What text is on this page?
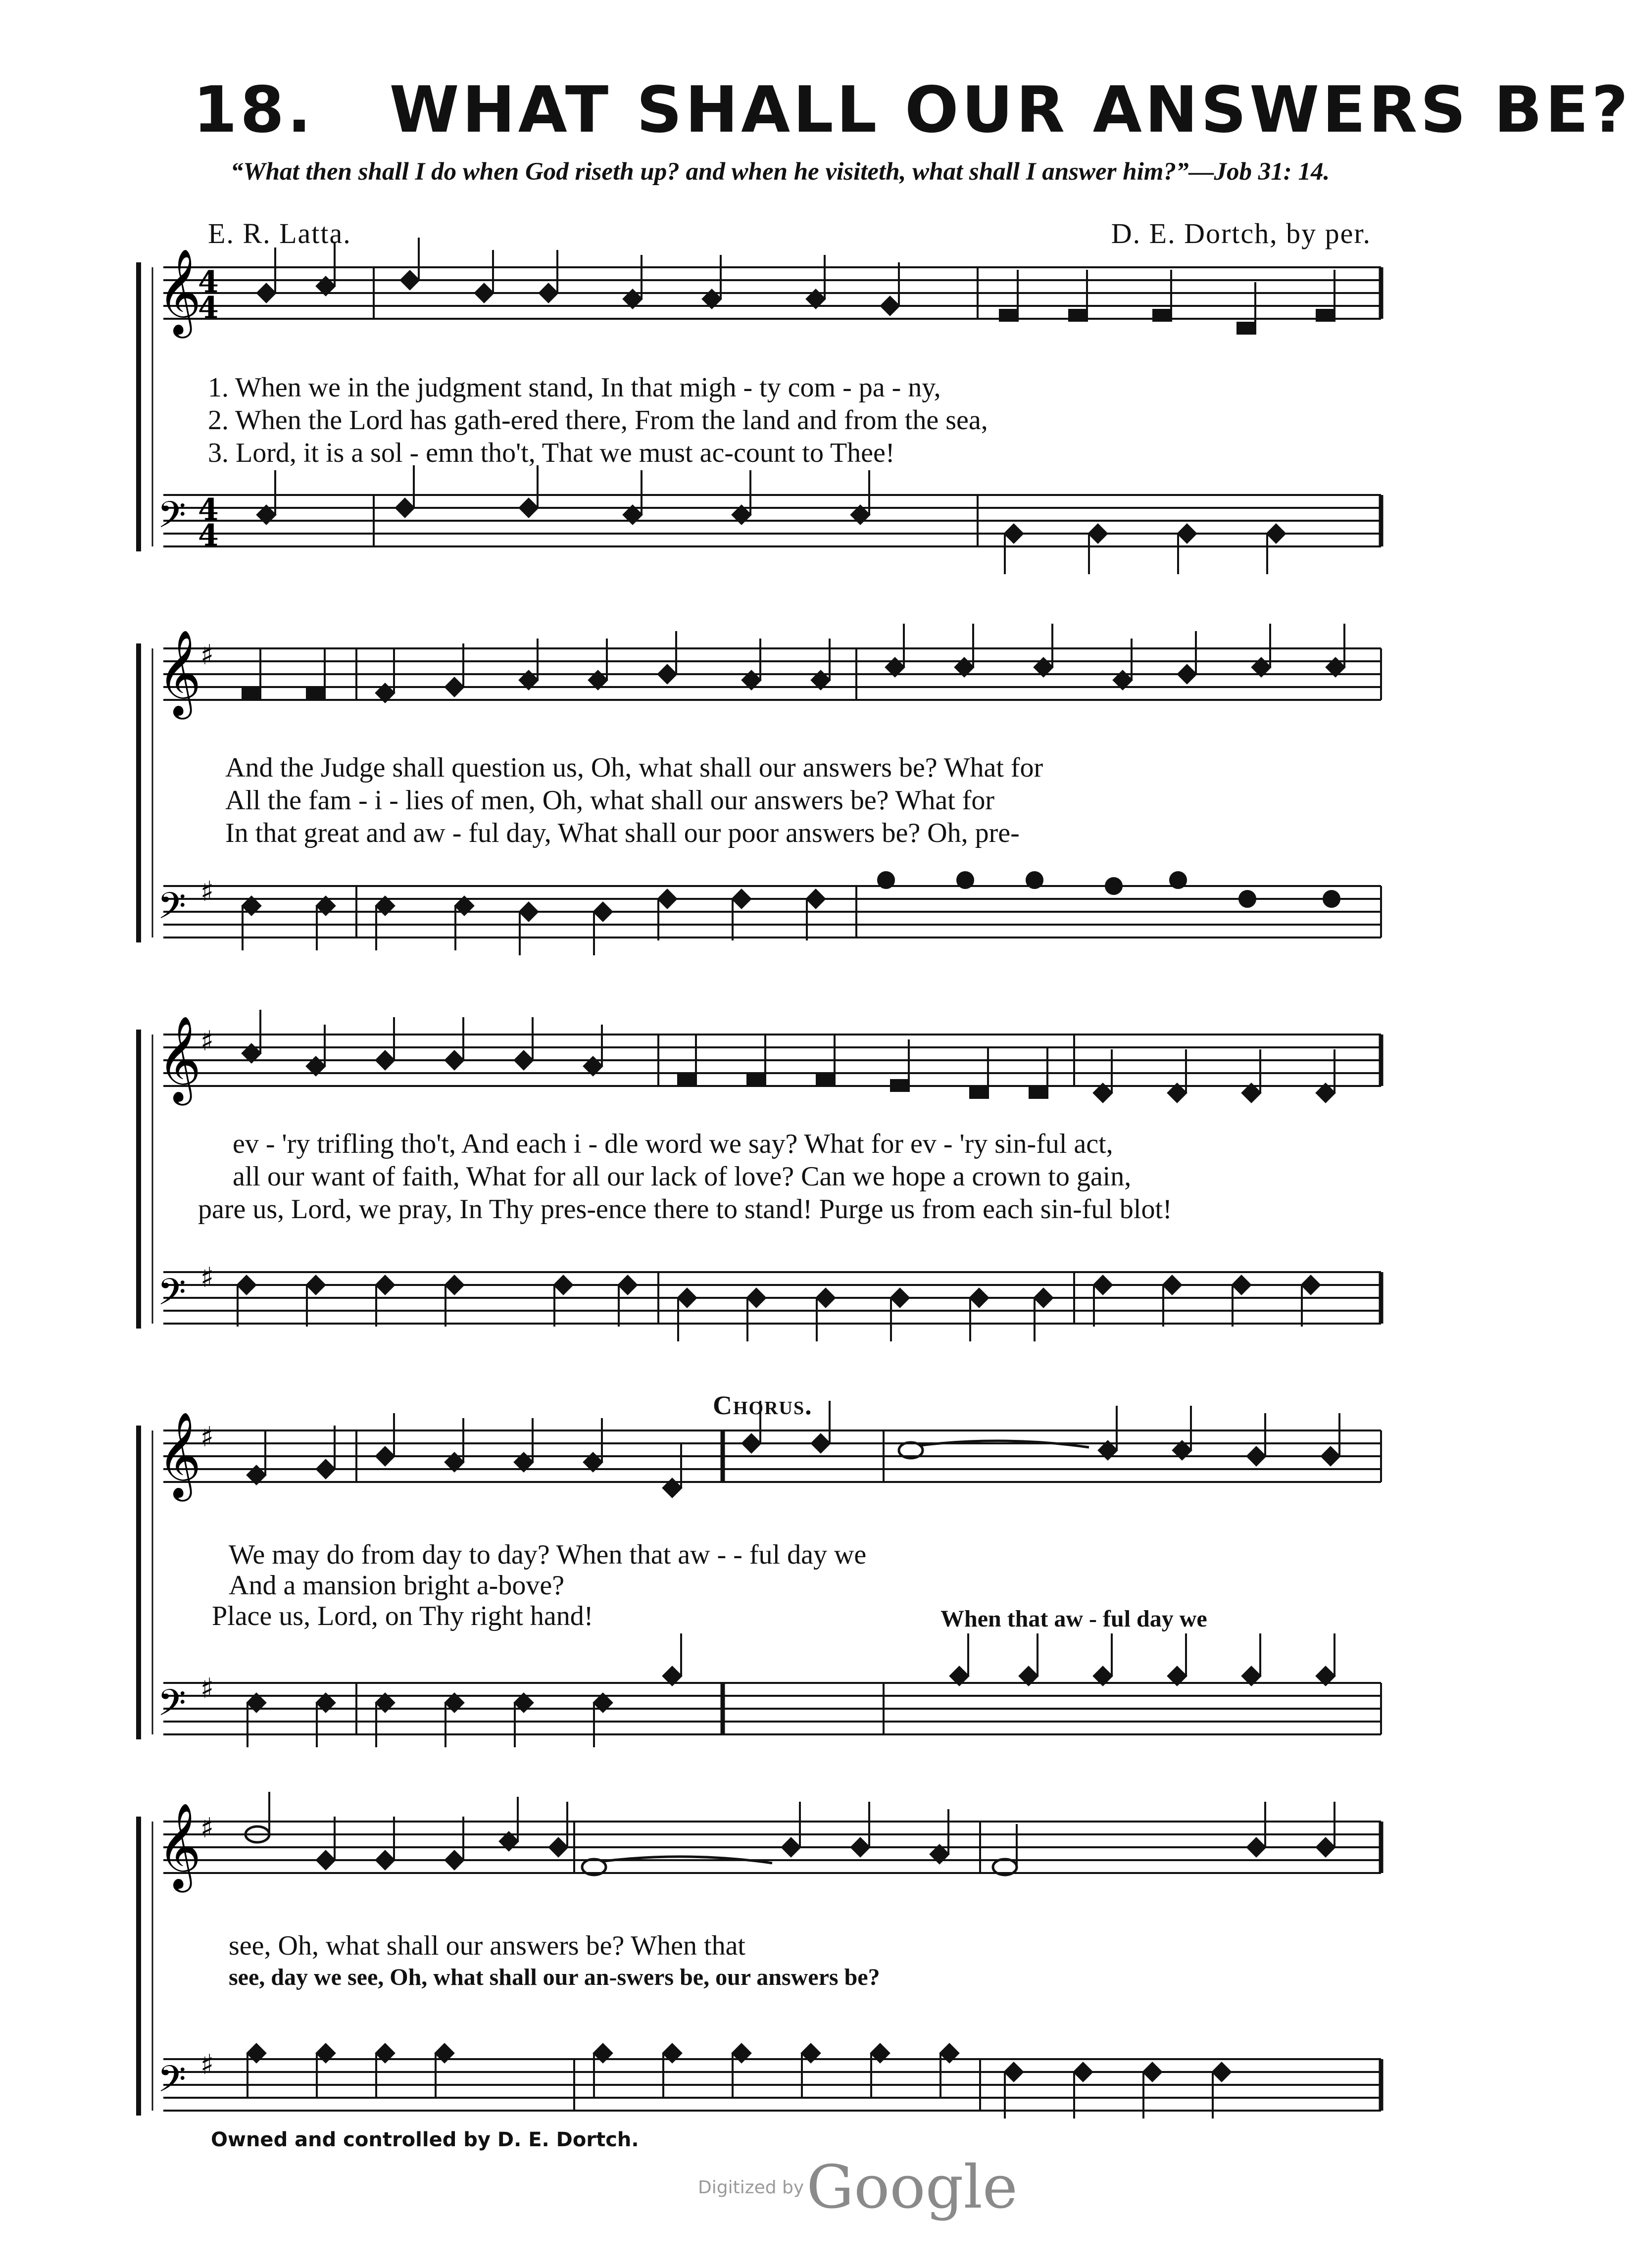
18. WHAT SHALL OUR ANSWERS BE?
“What then shall I do when God riseth up? and when he visiteth, what shall I answer him?”—Job 31: 14.
E. R. Latta.	D. E. Dortch, by per.
𝄞
𝄢
4
4
4
4
1. When we in the judgment stand, In that migh - ty com - pa - ny,
2. When the Lord has gath-ered there, From the land and from the sea,
3. Lord, it is a sol - emn tho't, That we must ac-count to Thee!
𝄞
𝄢
♯
♯
And the Judge shall question us, Oh, what shall our answers be? What for
All the fam - i - lies of men, Oh, what shall our answers be? What for
In that great and aw - ful day, What shall our poor answers be? Oh, pre-
𝄞
𝄢
♯
♯
ev - 'ry trifling tho't, And each i - dle word we say? What for ev - 'ry sin-ful act,
all our want of faith, What for all our lack of love? Can we hope a crown to gain,
pare us, Lord, we pray, In Thy pres-ence there to stand! Purge us from each sin-ful blot!
Chorus.
𝄞
𝄢
♯
♯
We may do from day to day? When that aw - - ful day we
And a mansion bright a-bove?
Place us, Lord, on Thy right hand!	When that aw - ful day we
𝄞
𝄢
♯
♯
see, Oh, what shall our answers be? When that
see, day we see, Oh, what shall our an-swers be, our answers be?
Owned and controlled by D. E. Dortch.
Digitized by Google
